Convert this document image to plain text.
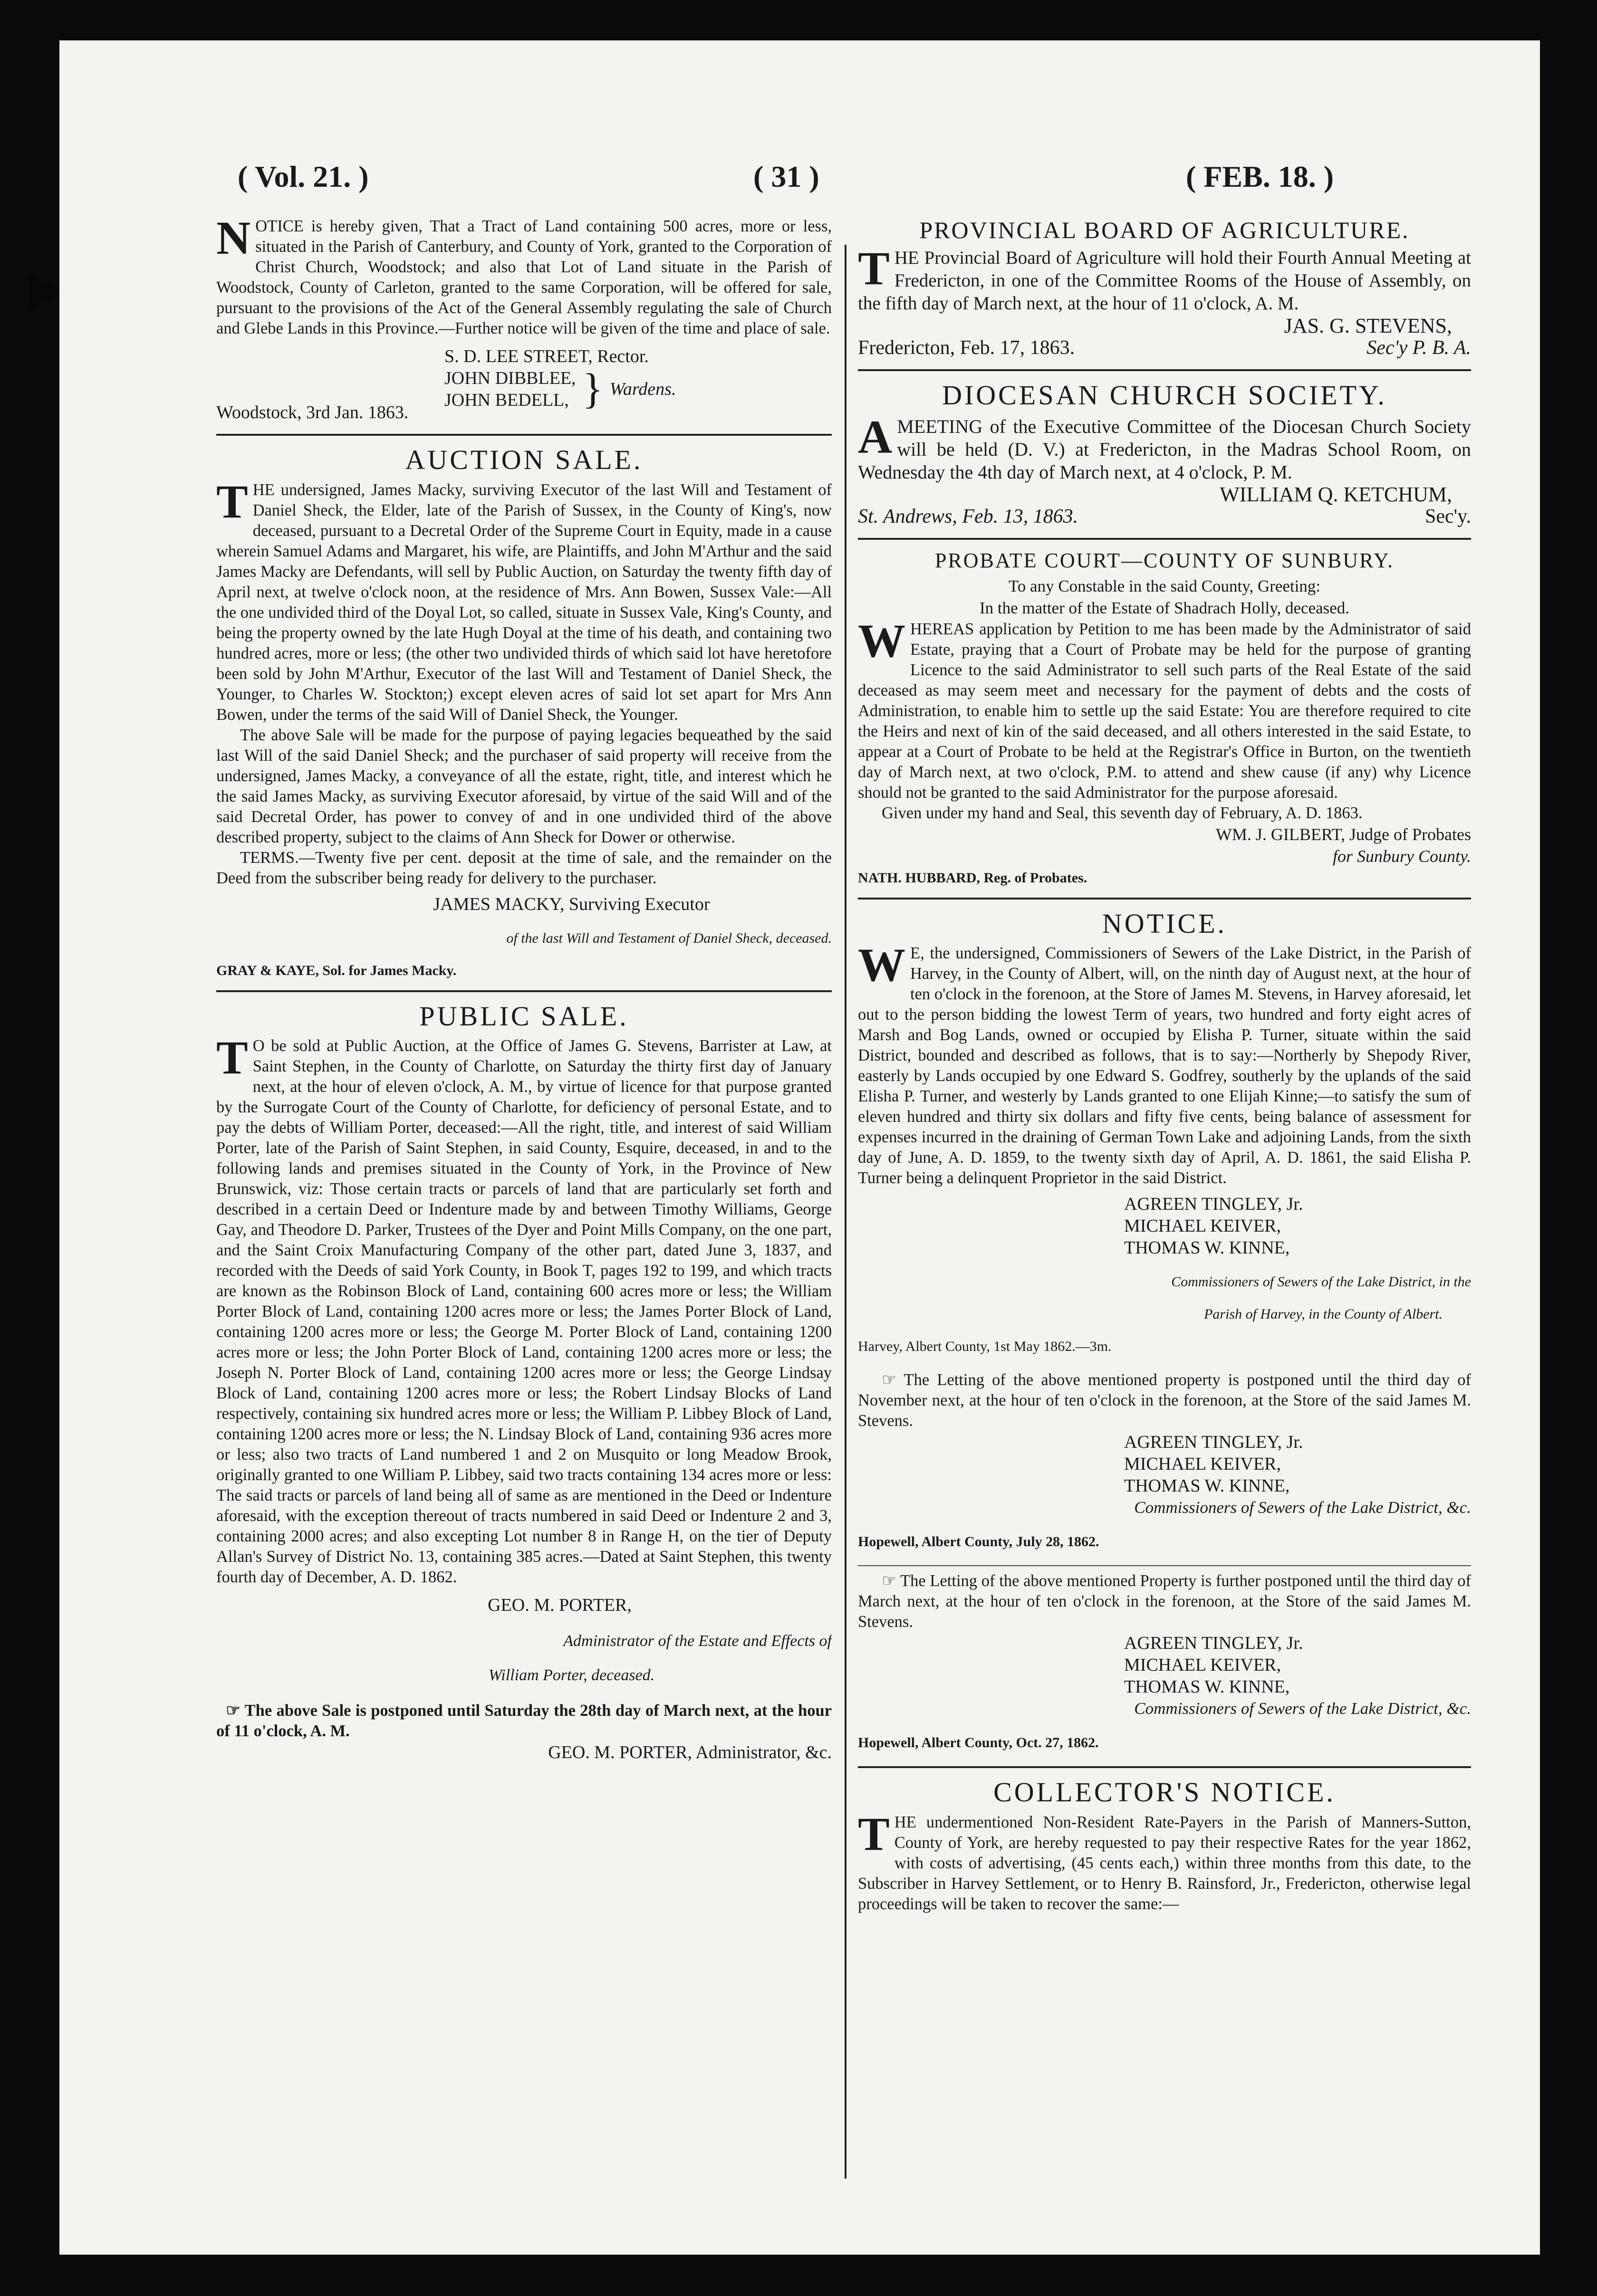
( Vol. 21. )	( 31 )	( FEB. 18. )

NOTICE is hereby given, That a Tract of Land containing 500 acres, more or less, situated in the Parish of Canterbury, and County of York, granted to the Corporation of Christ Church, Woodstock; and also that Lot of Land situate in the Parish of Woodstock, County of Carleton, granted to the same Corporation, will be offered for sale, pursuant to the provisions of the Act of the General Assembly regulating the sale of Church and Glebe Lands in this Province.—Further notice will be given of the time and place of sale.

S. D. LEE STREET, Rector.

JOHN DIBBLEE,

JOHN BEDELL, } Wardens.

Woodstock, 3rd Jan. 1863.

AUCTION SALE.

THE undersigned, James Macky, surviving Executor of the last Will and Testament of Daniel Sheck, the Elder, late of the Parish of Sussex, in the County of King's, now deceased, pursuant to a Decretal Order of the Supreme Court in Equity, made in a cause wherein Samuel Adams and Margaret, his wife, are Plaintiffs, and John M'Arthur and the said James Macky are Defendants, will sell by Public Auction, on Saturday the twenty fifth day of April next, at twelve o'clock noon, at the residence of Mrs. Ann Bowen, Sussex Vale:—All the one undivided third of the Doyal Lot, so called, situate in Sussex Vale, King's County, and being the property owned by the late Hugh Doyal at the time of his death, and containing two hundred acres, more or less; (the other two undivided thirds of which said lot have heretofore been sold by John M'Arthur, Executor of the last Will and Testament of Daniel Sheck, the Younger, to Charles W. Stockton;) except eleven acres of said lot set apart for Mrs Ann Bowen, under the terms of the said Will of Daniel Sheck, the Younger.

The above Sale will be made for the purpose of paying legacies bequeathed by the said last Will of the said Daniel Sheck; and the purchaser of said property will receive from the undersigned, James Macky, a conveyance of all the estate, right, title, and interest which he the said James Macky, as surviving Executor aforesaid, by virtue of the said Will and of the said Decretal Order, has power to convey of and in one undivided third of the above described property, subject to the claims of Ann Sheck for Dower or otherwise.

TERMS.—Twenty five per cent. deposit at the time of sale, and the remainder on the Deed from the subscriber being ready for delivery to the purchaser.

JAMES MACKY, Surviving Executor

of the last Will and Testament of Daniel Sheck, deceased.

GRAY & KAYE, Sol. for James Macky.

PUBLIC SALE.

TO be sold at Public Auction, at the Office of James G. Stevens, Barrister at Law, at Saint Stephen, in the County of Charlotte, on Saturday the thirty first day of January next, at the hour of eleven o'clock, A. M., by virtue of licence for that purpose granted by the Surrogate Court of the County of Charlotte, for deficiency of personal Estate, and to pay the debts of William Porter, deceased:—All the right, title, and interest of said William Porter, late of the Parish of Saint Stephen, in said County, Esquire, deceased, in and to the following lands and premises situated in the County of York, in the Province of New Brunswick, viz: Those certain tracts or parcels of land that are particularly set forth and described in a certain Deed or Indenture made by and between Timothy Williams, George Gay, and Theodore D. Parker, Trustees of the Dyer and Point Mills Company, on the one part, and the Saint Croix Manufacturing Company of the other part, dated June 3, 1837, and recorded with the Deeds of said York County, in Book T, pages 192 to 199, and which tracts are known as the Robinson Block of Land, containing 600 acres more or less; the William Porter Block of Land, containing 1200 acres more or less; the James Porter Block of Land, containing 1200 acres more or less; the George M. Porter Block of Land, containing 1200 acres more or less; the John Porter Block of Land, containing 1200 acres more or less; the Joseph N. Porter Block of Land, containing 1200 acres more or less; the George Lindsay Block of Land, containing 1200 acres more or less; the Robert Lindsay Blocks of Land respectively, containing six hundred acres more or less; the William P. Libbey Block of Land, containing 1200 acres more or less; the N. Lindsay Block of Land, containing 936 acres more or less; also two tracts of Land numbered 1 and 2 on Musquito or long Meadow Brook, originally granted to one William P. Libbey, said two tracts containing 134 acres more or less: The said tracts or parcels of land being all of same as are mentioned in the Deed or Indenture aforesaid, with the exception thereout of tracts numbered in said Deed or Indenture 2 and 3, containing 2000 acres; and also excepting Lot number 8 in Range H, on the tier of Deputy Allan's Survey of District No. 13, containing 385 acres.—Dated at Saint Stephen, this twenty fourth day of December, A. D. 1862.

GEO. M. PORTER,

Administrator of the Estate and Effects of

William Porter, deceased.

☞ The above Sale is postponed until Saturday the 28th day of March next, at the hour of 11 o'clock, A. M.

GEO. M. PORTER, Administrator, &c.

PROVINCIAL BOARD OF AGRICULTURE.

THE Provincial Board of Agriculture will hold their Fourth Annual Meeting at Fredericton, in one of the Committee Rooms of the House of Assembly, on the fifth day of March next, at the hour of 11 o'clock, A. M.

JAS. G. STEVENS,

Fredericton, Feb. 17, 1863.	Sec'y P. B. A.
DIOCESAN CHURCH SOCIETY.

AMEETING of the Executive Committee of the Diocesan Church Society will be held (D. V.) at Fredericton, in the Madras School Room, on Wednesday the 4th day of March next, at 4 o'clock, P. M.

WILLIAM Q. KETCHUM,

St. Andrews, Feb. 13, 1863.	Sec'y.
PROBATE COURT—COUNTY OF SUNBURY.

To any Constable in the said County, Greeting:

In the matter of the Estate of Shadrach Holly, deceased.

WHEREAS application by Petition to me has been made by the Administrator of said Estate, praying that a Court of Probate may be held for the purpose of granting Licence to the said Administrator to sell such parts of the Real Estate of the said deceased as may seem meet and necessary for the payment of debts and the costs of Administration, to enable him to settle up the said Estate: You are therefore required to cite the Heirs and next of kin of the said deceased, and all others interested in the said Estate, to appear at a Court of Probate to be held at the Registrar's Office in Burton, on the twentieth day of March next, at two o'clock, P.M. to attend and shew cause (if any) why Licence should not be granted to the said Administrator for the purpose aforesaid.

Given under my hand and Seal, this seventh day of February, A. D. 1863.

WM. J. GILBERT, Judge of Probates

for Sunbury County.

NATH. HUBBARD, Reg. of Probates.

NOTICE.

WE, the undersigned, Commissioners of Sewers of the Lake District, in the Parish of Harvey, in the County of Albert, will, on the ninth day of August next, at the hour of ten o'clock in the forenoon, at the Store of James M. Stevens, in Harvey aforesaid, let out to the person bidding the lowest Term of years, two hundred and forty eight acres of Marsh and Bog Lands, owned or occupied by Elisha P. Turner, situate within the said District, bounded and described as follows, that is to say:—Northerly by Shepody River, easterly by Lands occupied by one Edward S. Godfrey, southerly by the uplands of the said Elisha P. Turner, and westerly by Lands granted to one Elijah Kinne;—to satisfy the sum of eleven hundred and thirty six dollars and fifty five cents, being balance of assessment for expenses incurred in the draining of German Town Lake and adjoining Lands, from the sixth day of June, A. D. 1859, to the twenty sixth day of April, A. D. 1861, the said Elisha P. Turner being a delinquent Proprietor in the said District.

AGREEN TINGLEY, Jr.

MICHAEL KEIVER,

THOMAS W. KINNE,

Commissioners of Sewers of the Lake District, in the

Parish of Harvey, in the County of Albert.

Harvey, Albert County, 1st May 1862.—3m.

☞ The Letting of the above mentioned property is postponed until the third day of November next, at the hour of ten o'clock in the forenoon, at the Store of the said James M. Stevens.

AGREEN TINGLEY, Jr.

MICHAEL KEIVER,

THOMAS W. KINNE,

Commissioners of Sewers of the Lake District, &c.

Hopewell, Albert County, July 28, 1862.

☞ The Letting of the above mentioned Property is further postponed until the third day of March next, at the hour of ten o'clock in the forenoon, at the Store of the said James M. Stevens.

AGREEN TINGLEY, Jr.

MICHAEL KEIVER,

THOMAS W. KINNE,

Commissioners of Sewers of the Lake District, &c.

Hopewell, Albert County, Oct. 27, 1862.

COLLECTOR'S NOTICE.

THE undermentioned Non-Resident Rate-Payers in the Parish of Manners-Sutton, County of York, are hereby requested to pay their respective Rates for the year 1862, with costs of advertising, (45 cents each,) within three months from this date, to the Subscriber in Harvey Settlement, or to Henry B. Rainsford, Jr., Fredericton, otherwise legal proceedings will be taken to recover the same:—
